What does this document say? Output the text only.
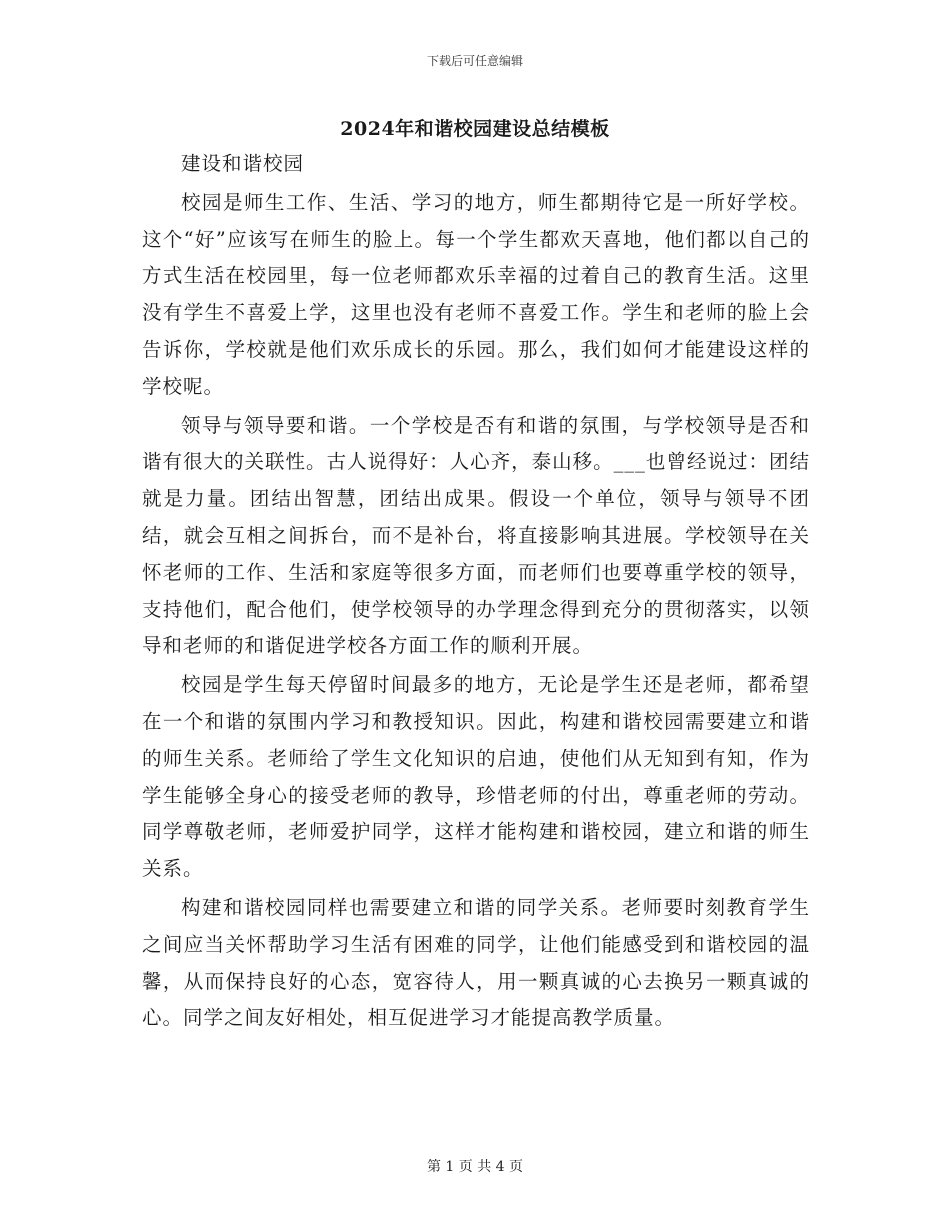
下载后可任意编辑
2024年和谐校园建设总结模板

建设和谐校园

校园是师生工作、生活、学习的地方，师生都期待它是一所好学校。这个“好”应该写在师生的脸上。每一个学生都欢天喜地，他们都以自己的方式生活在校园里，每一位老师都欢乐幸福的过着自己的教育生活。这里没有学生不喜爱上学，这里也没有老师不喜爱工作。学生和老师的脸上会告诉你，学校就是他们欢乐成长的乐园。那么，我们如何才能建设这样的学校呢。

领导与领导要和谐。一个学校是否有和谐的氛围，与学校领导是否和谐有很大的关联性。古人说得好：人心齐，泰山移。___也曾经说过：团结就是力量。团结出智慧，团结出成果。假设一个单位，领导与领导不团结，就会互相之间拆台，而不是补台，将直接影响其进展。学校领导在关怀老师的工作、生活和家庭等很多方面，而老师们也要尊重学校的领导，支持他们，配合他们，使学校领导的办学理念得到充分的贯彻落实，以领导和老师的和谐促进学校各方面工作的顺利开展。

校园是学生每天停留时间最多的地方，无论是学生还是老师，都希望在一个和谐的氛围内学习和教授知识。因此，构建和谐校园需要建立和谐的师生关系。老师给了学生文化知识的启迪，使他们从无知到有知，作为学生能够全身心的接受老师的教导，珍惜老师的付出，尊重老师的劳动。同学尊敬老师，老师爱护同学，这样才能构建和谐校园，建立和谐的师生关系。

构建和谐校园同样也需要建立和谐的同学关系。老师要时刻教育学生之间应当关怀帮助学习生活有困难的同学，让他们能感受到和谐校园的温馨，从而保持良好的心态，宽容待人，用一颗真诚的心去换另一颗真诚的心。同学之间友好相处，相互促进学习才能提高教学质量。

第 1 页 共 4 页
